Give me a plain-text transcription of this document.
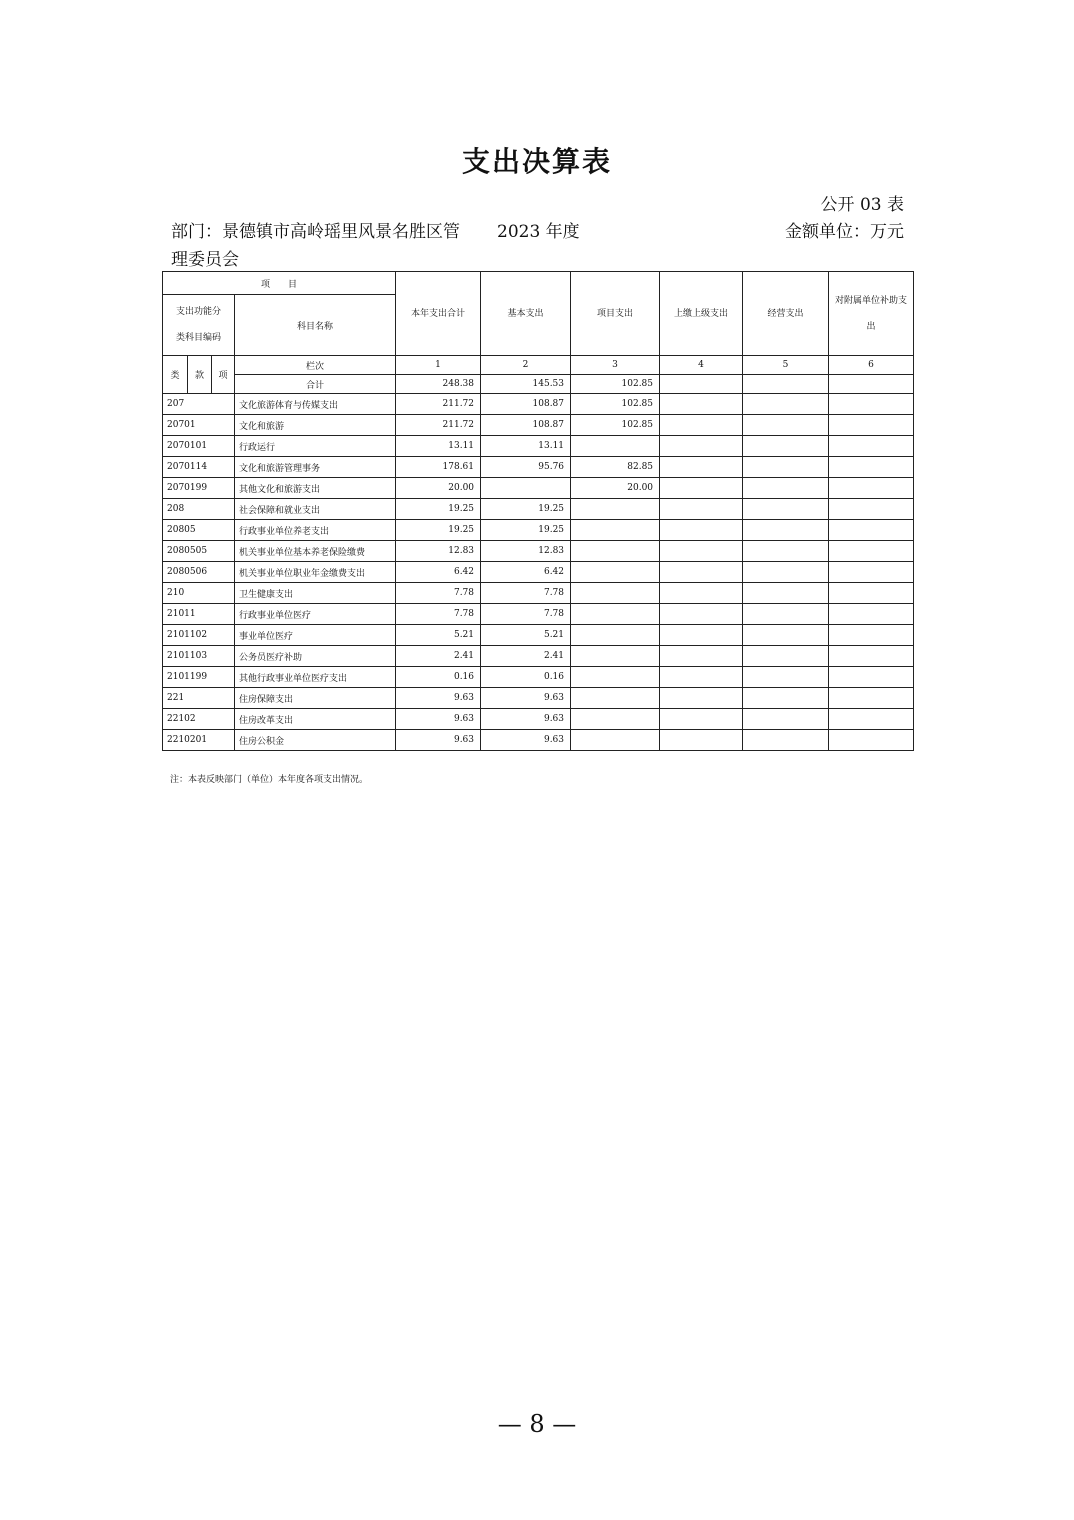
支出决算表
公开 03 表
部门：景德镇市高岭瑶里风景名胜区管理委员会
2023 年度	金额单位：万元
项　　目				本年支出合计	基本支出	项目支出	上缴上级支出	经营支出	对附属单位补助支出
支出功能分类科目编码			科目名称						
类	款	项	栏次	1	2	3	4	5	6
			合计	248.38	145.53	102.85			
207			文化旅游体育与传媒支出	211.72	108.87	102.85			
20701			文化和旅游	211.72	108.87	102.85			
2070101			行政运行	13.11	13.11				
2070114			文化和旅游管理事务	178.61	95.76	82.85			
2070199			其他文化和旅游支出	20.00		20.00			
208			社会保障和就业支出	19.25	19.25				
20805			行政事业单位养老支出	19.25	19.25				
2080505			机关事业单位基本养老保险缴费	12.83	12.83				
2080506			机关事业单位职业年金缴费支出	6.42	6.42				
210			卫生健康支出	7.78	7.78				
21011			行政事业单位医疗	7.78	7.78				
2101102			事业单位医疗	5.21	5.21				
2101103			公务员医疗补助	2.41	2.41				
2101199			其他行政事业单位医疗支出	0.16	0.16				
221			住房保障支出	9.63	9.63				
22102			住房改革支出	9.63	9.63				
2210201			住房公积金	9.63	9.63				
注：本表反映部门（单位）本年度各项支出情况。
— 8 —
